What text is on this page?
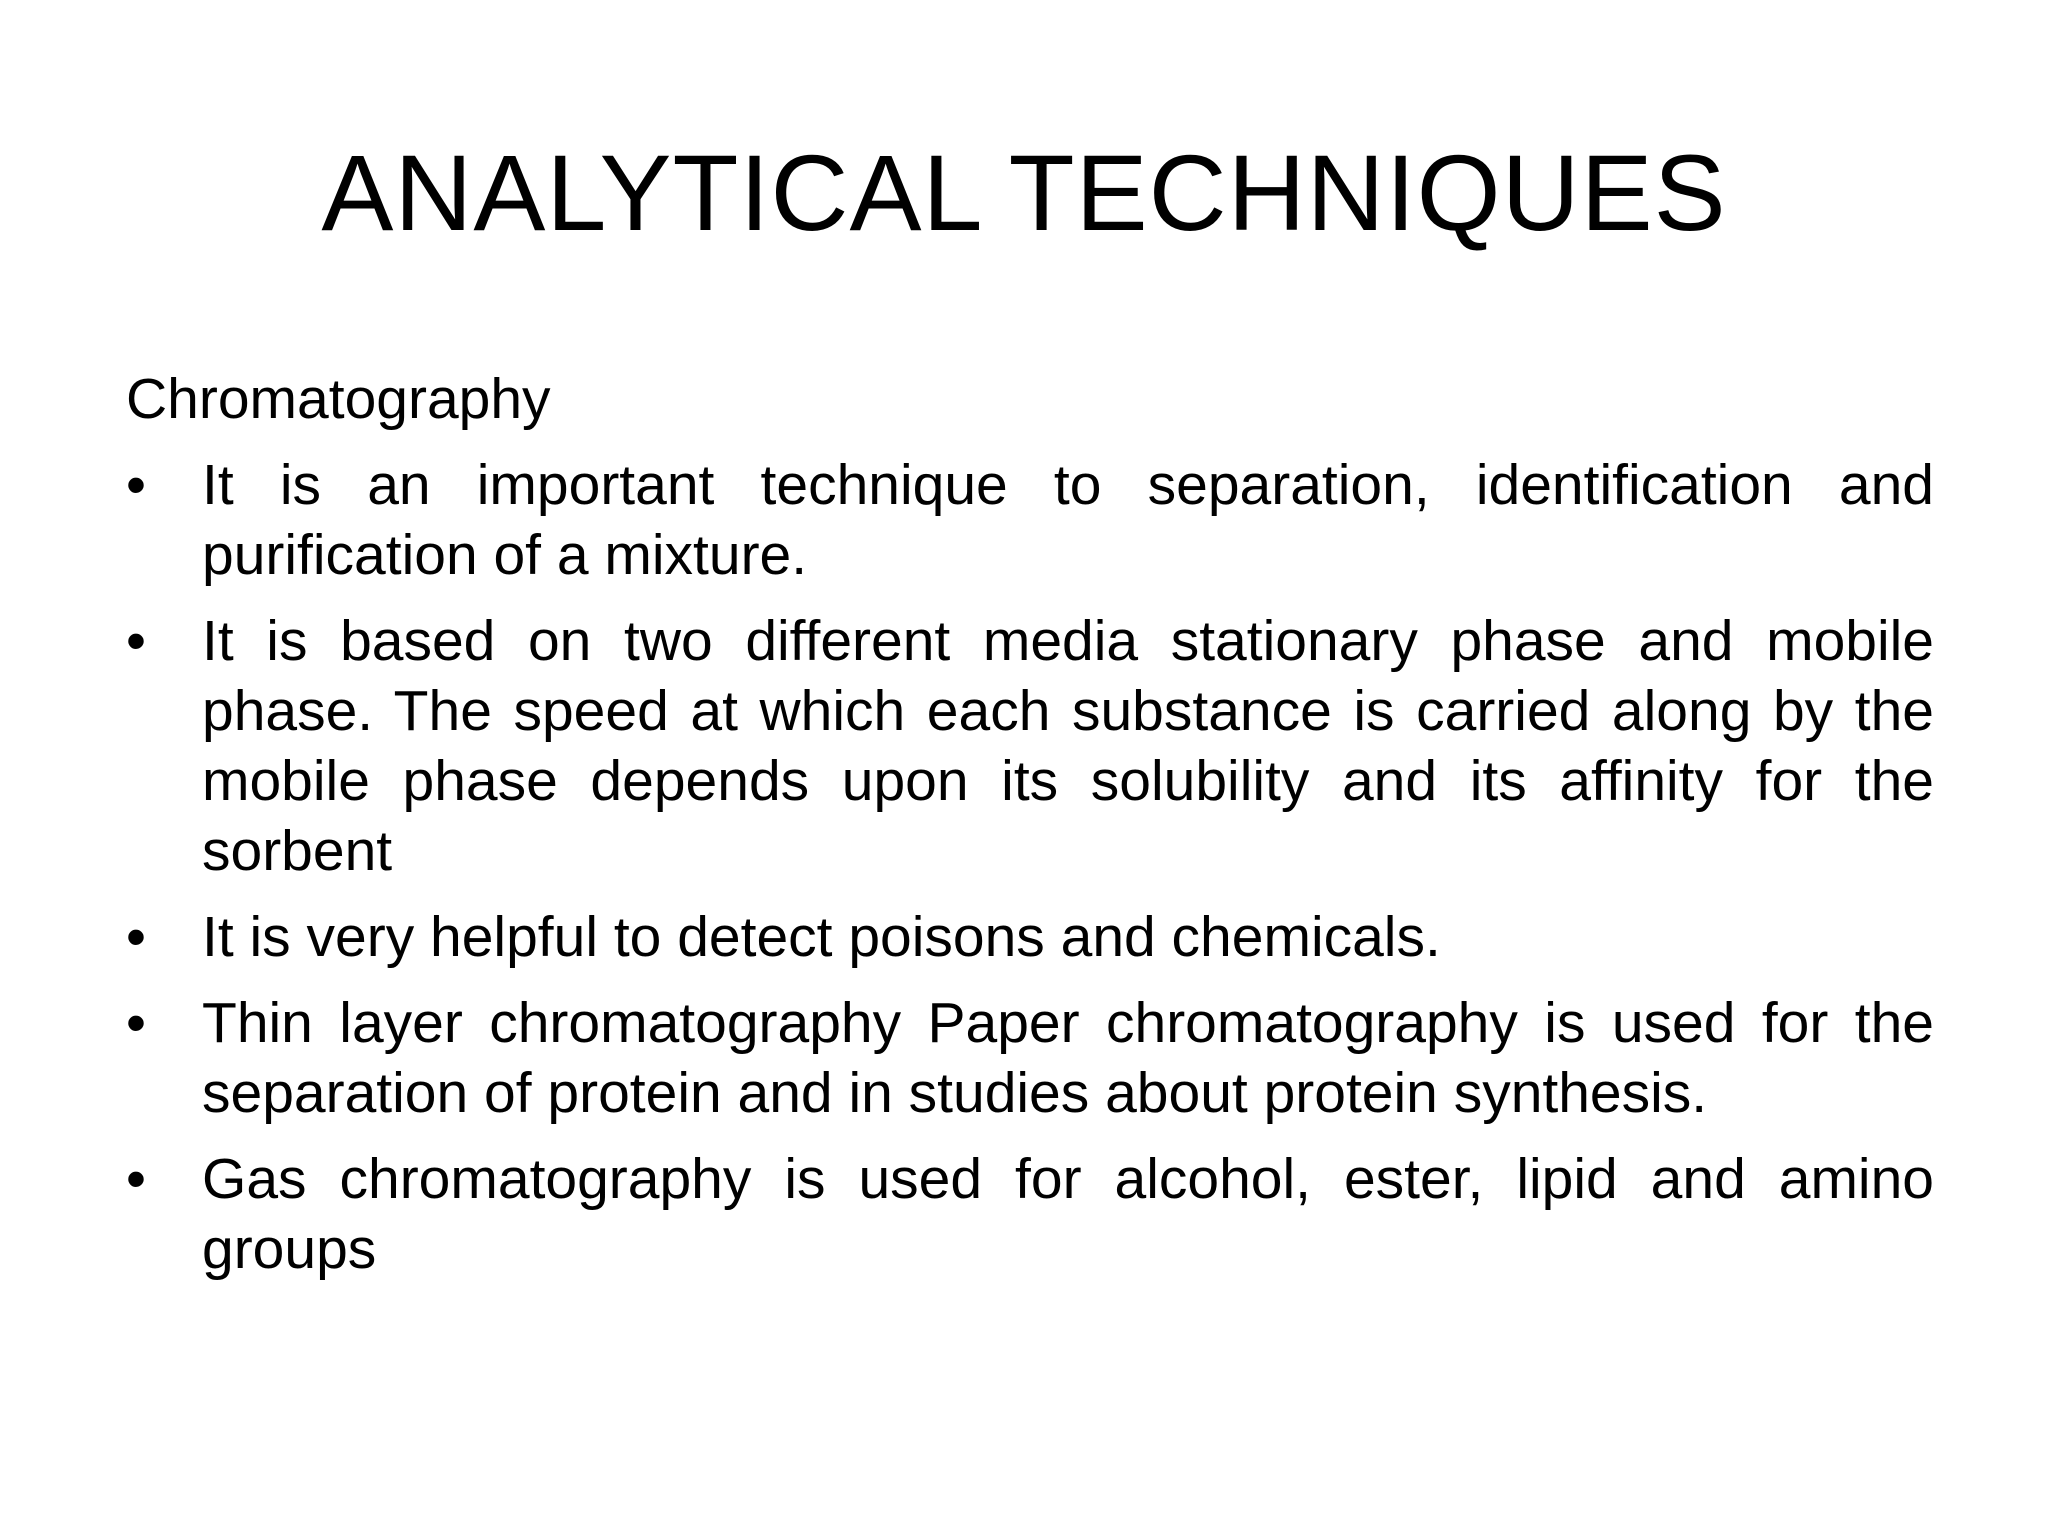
ANALYTICAL TECHNIQUES
Chromatography
• It is an important technique to separation, identification and purification of a mixture.
• It is based on two different media stationary phase and mobile phase. The speed at which each substance is carried along by the mobile phase depends upon its solubility and its affinity for the sorbent
• It is very helpful to detect poisons and chemicals.
• Thin layer chromatography Paper chromatography is used for the separation of protein and in studies about protein synthesis.
• Gas chromatography is used for alcohol, ester, lipid and amino groups
